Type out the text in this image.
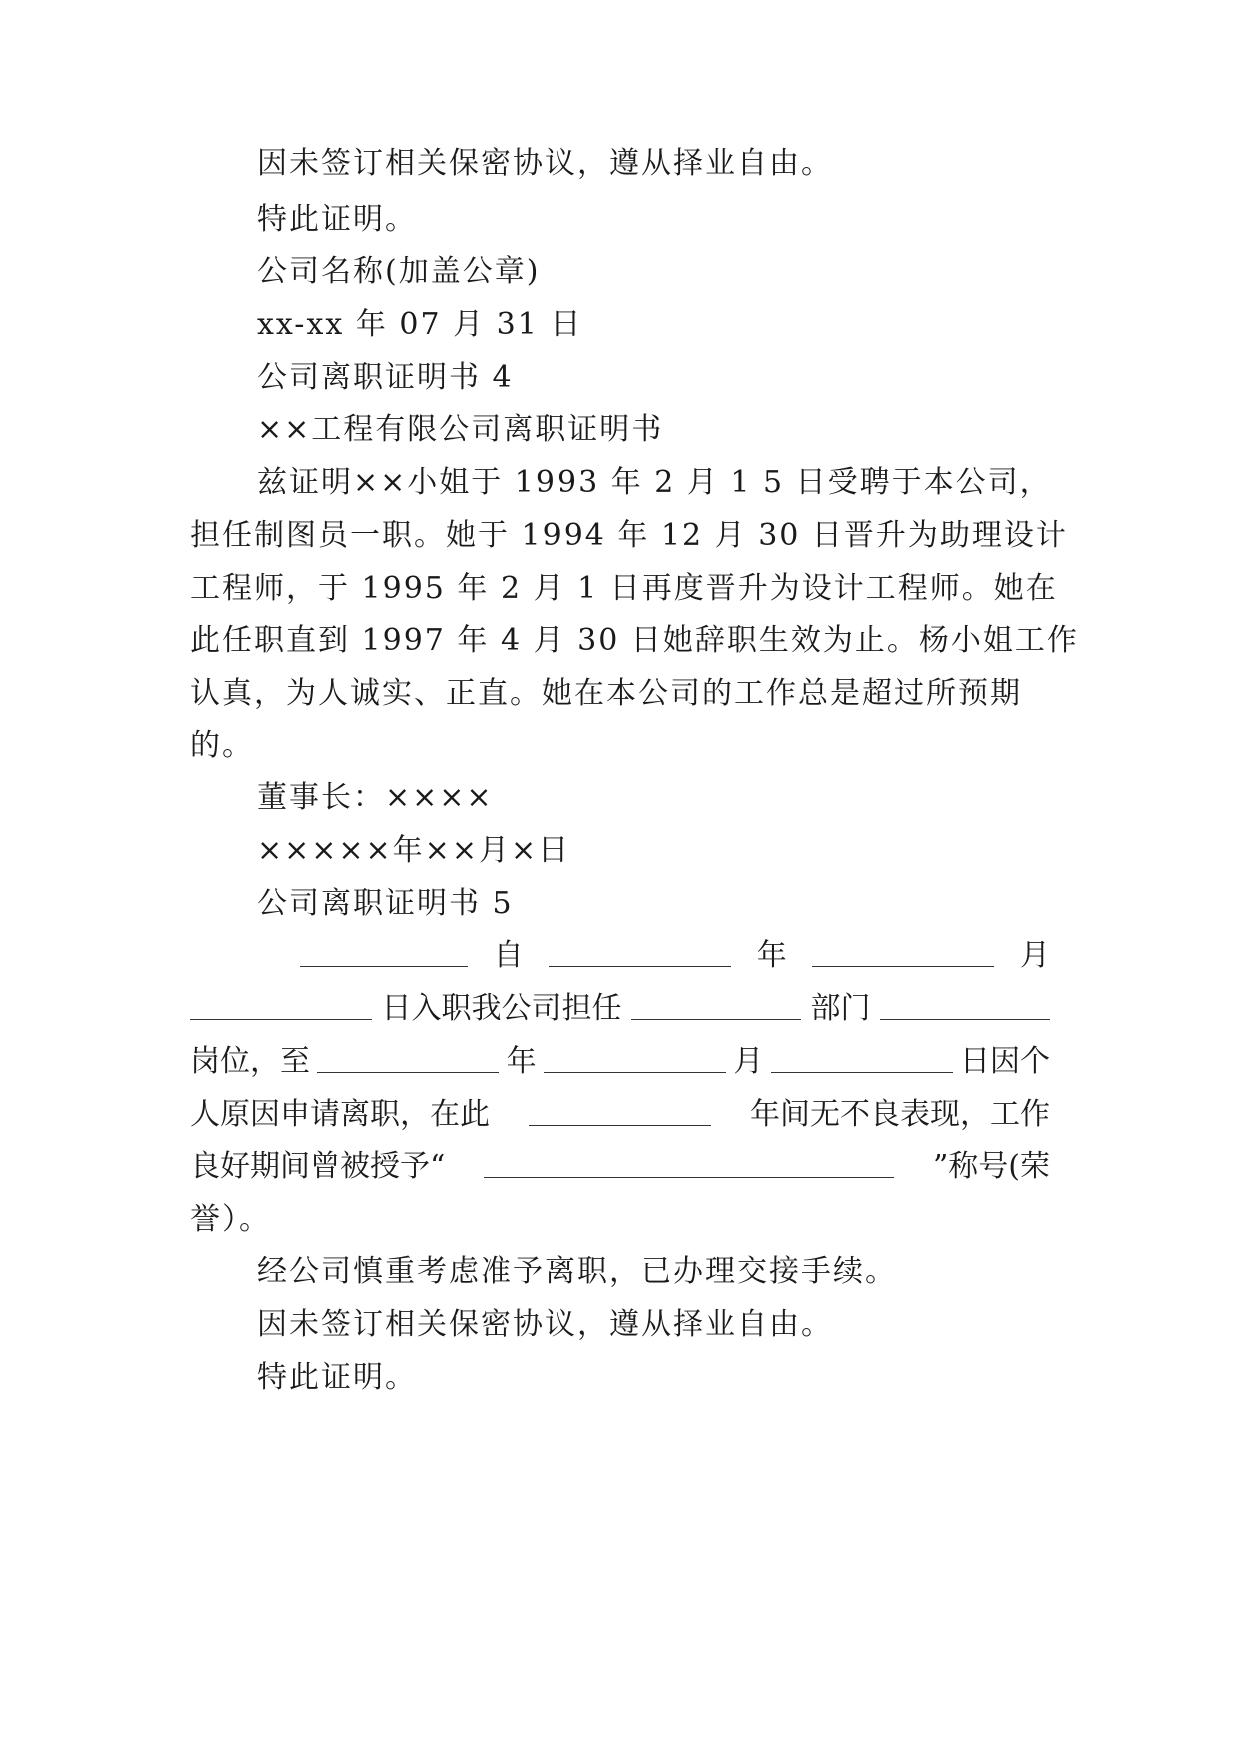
因未签订相关保密协议，遵从择业自由。

特此证明。

公司名称(加盖公章)

xx-xx 年 07 月 31 日

公司离职证明书 4

××工程有限公司离职证明书

兹证明××小姐于 1993 年 2 月 1 5 日受聘于本公司，

担任制图员一职。她于 1994 年 12 月 30 日晋升为助理设计

工程师，于 1995 年 2 月 1 日再度晋升为设计工程师。她在

此任职直到 1997 年 4 月 30 日她辞职生效为止。杨小姐工作

认真，为人诚实、正直。她在本公司的工作总是超过所预期

的。

董事长：××××

×××××年××月×日

公司离职证明书 5

自	年	月
日入职我公司担任	部门
岗位，至	年	月	日因个
人原因申请离职，在此	年间无不良表现，工作
良好期间曾被授予“	”称号(荣

誉）。

经公司慎重考虑准予离职，已办理交接手续。

因未签订相关保密协议，遵从择业自由。

特此证明。
